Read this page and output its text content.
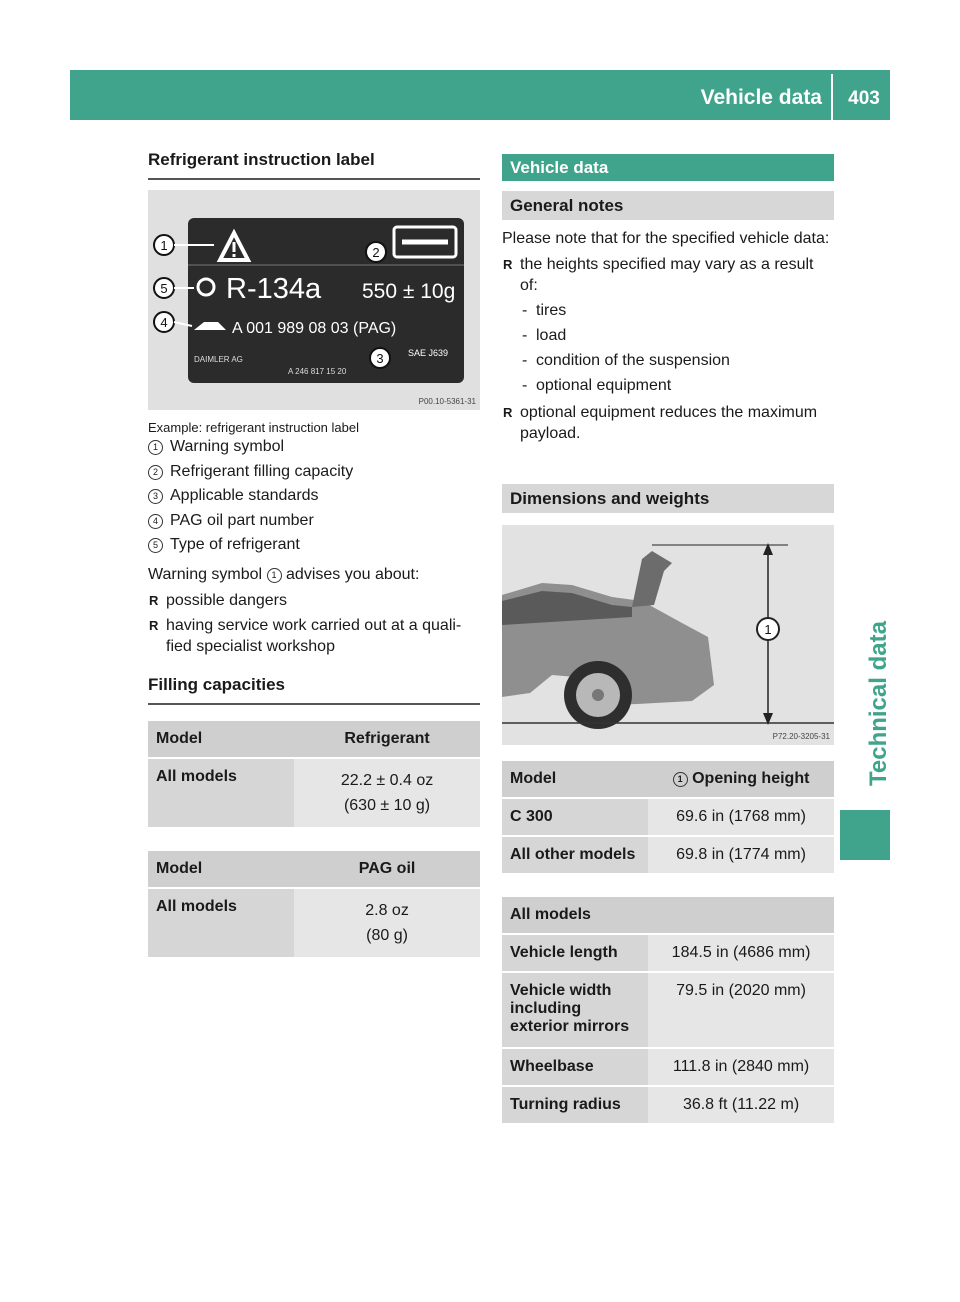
Vehicle data	403
Technical data
Refrigerant instruction label
R-134a 550 ± 10g
A 001 989 08 03 (PAG)
DAIMLER AG
A 246 817 15 20
SAE J639
1	2
3
4
5
P00.10-5361-31
Example: refrigerant instruction label
1 Warning symbol
2 Refrigerant filling capacity
3 Applicable standards
4 PAG oil part number
5 Type of refrigerant

Warning symbol 1 advises you about:

R possible dangers
R having service work carried out at a quali-fied specialist workshop
Filling capacities
Model	Refrigerant
All models	22.2 ± 0.4 oz
(630 ± 10 g)
Model	PAG oil
All models	2.8 oz
(80 g)
Vehicle data
General notes

Please note that for the specified vehicle data:

R the heights specified may vary as a result of:
- tires
- load
- condition of the suspension
- optional equipment
R optional equipment reduces the maximum payload.
Dimensions and weights
1
P72.20-3205-31
Model	1 Opening height
C 300	69.6 in (1768 mm)
All other models	69.8 in (1774 mm)
All models	
Vehicle length	184.5 in (4686 mm)
Vehicle width including exterior mirrors	79.5 in (2020 mm)
Wheelbase	111.8 in (2840 mm)
Turning radius	36.8 ft (11.22 m)
